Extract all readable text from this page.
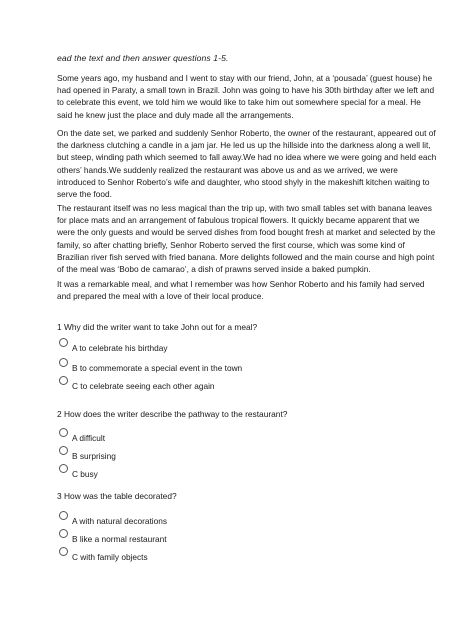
ead the text and then answer questions 1-5.

Some years ago, my husband and I went to stay with our friend, John, at a ‘pousada’ (guest house) he had opened in Paraty, a small town in Brazil. John was going to have his 30th birthday after we left and to celebrate this event, we told him we would like to take him out somewhere special for a meal. He said he knew just the place and duly made all the arrangements.

On the date set, we parked and suddenly Senhor Roberto, the owner of the restaurant, appeared out of the darkness clutching a candle in a jam jar. He led us up the hillside into the darkness along a well lit, but steep, winding path which seemed to fall away.We had no idea where we were going and held each others’ hands.We suddenly realized the restaurant was above us and as we arrived, we were introduced to Senhor Roberto’s wife and daughter, who stood shyly in the makeshift kitchen waiting to serve the food.

The restaurant itself was no less magical than the trip up, with two small tables set with banana leaves for place mats and an arrangement of fabulous tropical flowers. It quickly became apparent that we were the only guests and would be served dishes from food bought fresh at market and selected by the family, so after chatting briefly, Senhor Roberto served the first course, which was some kind of Brazilian river fish served with fried banana. More delights followed and the main course and high point of the meal was ‘Bobo de camarao’, a dish of prawns served inside a baked pumpkin.

It was a remarkable meal, and what I remember was how Senhor Roberto and his family had served and prepared the meal with a love of their local produce.

1 Why did the writer want to take John out for a meal?

A to celebrate his birthday
B to commemorate a special event in the town
C to celebrate seeing each other again

2 How does the writer describe the pathway to the restaurant?

A difficult
B surprising
C busy

3 How was the table decorated?

A with natural decorations
B like a normal restaurant
C with family objects
